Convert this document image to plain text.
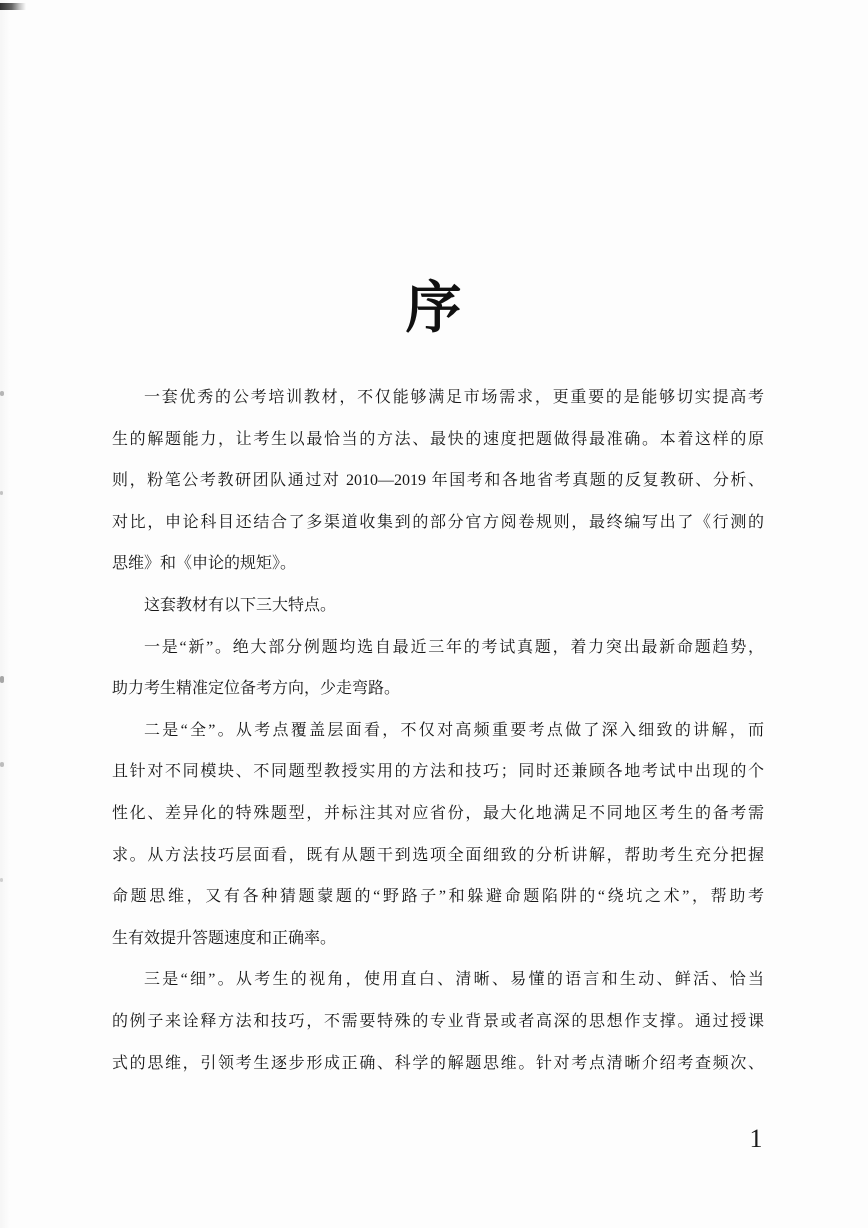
序
一套优秀的公考培训教材，不仅能够满足市场需求，更重要的是能够切实提高考
生的解题能力，让考生以最恰当的方法、最快的速度把题做得最准确。本着这样的原
则，粉笔公考教研团队通过对 2010—2019 年国考和各地省考真题的反复教研、分析、
对比，申论科目还结合了多渠道收集到的部分官方阅卷规则，最终编写出了《行测的
思维》和《申论的规矩》。
这套教材有以下三大特点。
一是“新”。绝大部分例题均选自最近三年的考试真题，着力突出最新命题趋势，
助力考生精准定位备考方向，少走弯路。
二是“全”。从考点覆盖层面看，不仅对高频重要考点做了深入细致的讲解，而
且针对不同模块、不同题型教授实用的方法和技巧；同时还兼顾各地考试中出现的个
性化、差异化的特殊题型，并标注其对应省份，最大化地满足不同地区考生的备考需
求。从方法技巧层面看，既有从题干到选项全面细致的分析讲解，帮助考生充分把握
命题思维，又有各种猜题蒙题的“野路子”和躲避命题陷阱的“绕坑之术”，帮助考
生有效提升答题速度和正确率。
三是“细”。从考生的视角，使用直白、清晰、易懂的语言和生动、鲜活、恰当
的例子来诠释方法和技巧，不需要特殊的专业背景或者高深的思想作支撑。通过授课
式的思维，引领考生逐步形成正确、科学的解题思维。针对考点清晰介绍考查频次、
1
